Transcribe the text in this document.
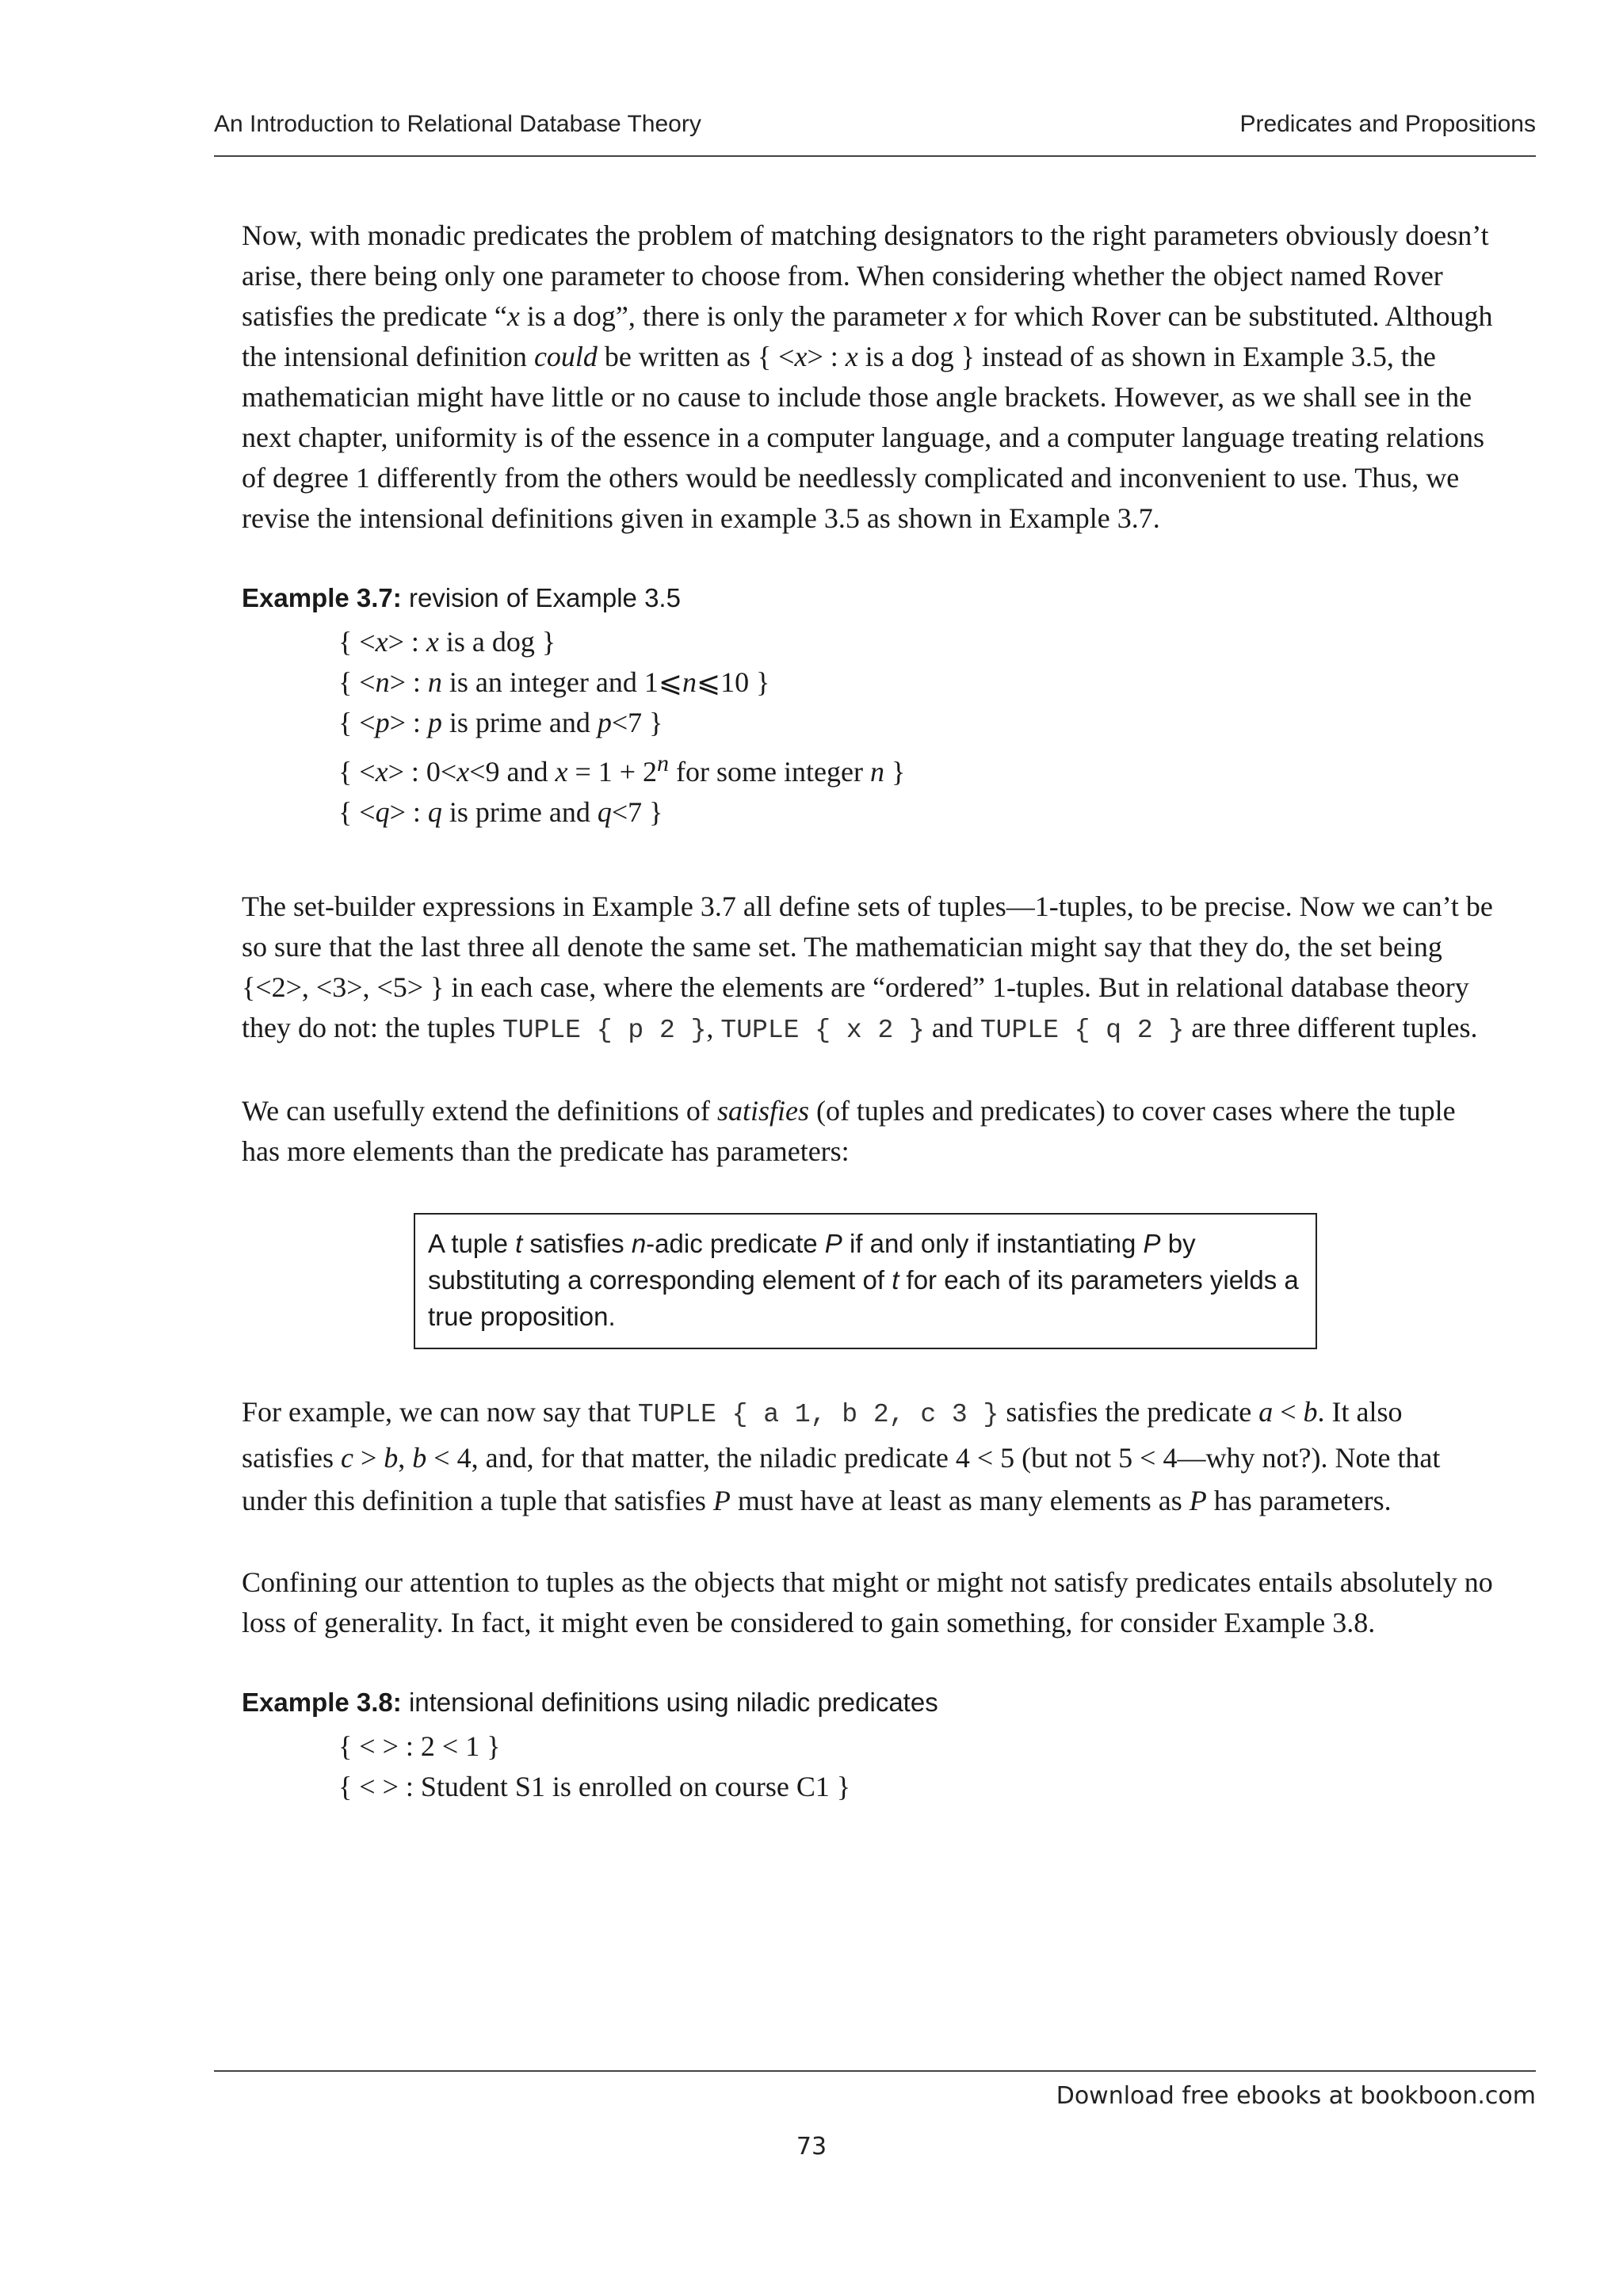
An Introduction to Relational Database Theory	Predicates and Propositions

Now, with monadic predicates the problem of matching designators to the right parameters obviously doesn’t arise, there being only one parameter to choose from. When considering whether the object named Rover satisfies the predicate “x is a dog”, there is only the parameter x for which Rover can be substituted. Although the intensional definition could be written as { <x> : x is a dog } instead of as shown in Example 3.5, the mathematician might have little or no cause to include those angle brackets. However, as we shall see in the next chapter, uniformity is of the essence in a computer language, and a computer language treating relations of degree 1 differently from the others would be needlessly complicated and inconvenient to use. Thus, we revise the intensional definitions given in example 3.5 as shown in Example 3.7.

Example 3.7: revision of Example 3.5
{ <x> : x is a dog }
{ <n> : n is an integer and 1⩽n⩽10 }
{ <p> : p is prime and p<7 }
{ <x> : 0<x<9 and $x = 1 + 2^n$ for some integer n }
{ <q> : q is prime and q<7 }

The set-builder expressions in Example 3.7 all define sets of tuples—1-tuples, to be precise. Now we can’t be so sure that the last three all denote the same set. The mathematician might say that they do, the set being {<2>, <3>, <5> } in each case, where the elements are “ordered” 1-tuples. But in relational database theory they do not: the tuples TUPLE { p 2 }, TUPLE { x 2 } and TUPLE { q 2 } are three different tuples.

We can usefully extend the definitions of satisfies (of tuples and predicates) to cover cases where the tuple has more elements than the predicate has parameters:

A tuple t satisfies n-adic predicate P if and only if instantiating P by substituting a corresponding element of t for each of its parameters yields a true proposition.

For example, we can now say that TUPLE { a 1, b 2, c 3 } satisfies the predicate a < b. It also satisfies c > b, b < 4, and, for that matter, the niladic predicate 4 < 5 (but not 5 < 4—why not?). Note that under this definition a tuple that satisfies P must have at least as many elements as P has parameters.

Confining our attention to tuples as the objects that might or might not satisfy predicates entails absolutely no loss of generality. In fact, it might even be considered to gain something, for consider Example 3.8.

Example 3.8: intensional definitions using niladic predicates
{ < > : 2 < 1 }
{ < > : Student S1 is enrolled on course C1 }
Download free ebooks at bookboon.com
73
